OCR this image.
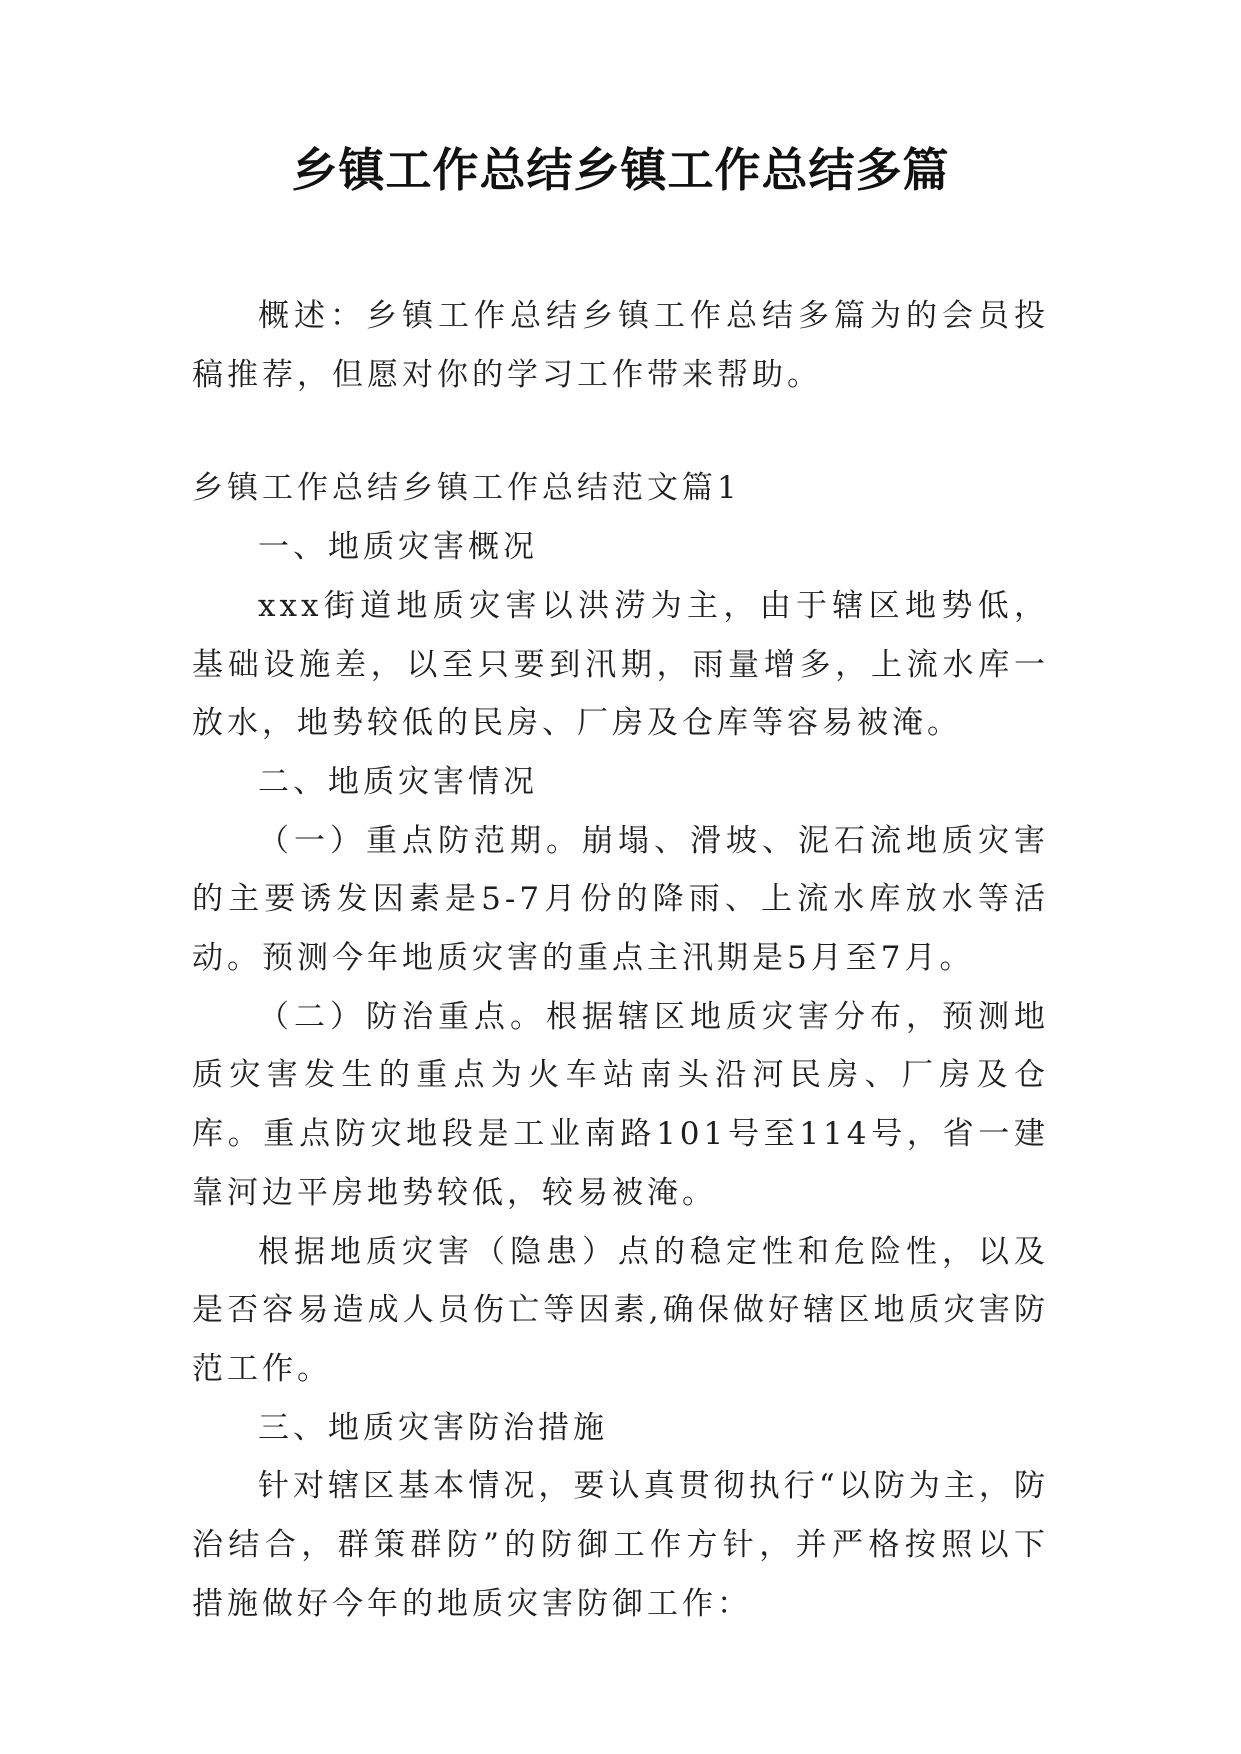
乡镇工作总结乡镇工作总结多篇

概述：乡镇工作总结乡镇工作总结多篇为的会员投稿推荐，但愿对你的学习工作带来帮助。

乡镇工作总结乡镇工作总结范文篇1

一、地质灾害概况

xxx街道地质灾害以洪涝为主，由于辖区地势低，基础设施差，以至只要到汛期，雨量增多，上流水库一放水，地势较低的民房、厂房及仓库等容易被淹。

二、地质灾害情况

（一）重点防范期。崩塌、滑坡、泥石流地质灾害的主要诱发因素是5-7月份的降雨、上流水库放水等活动。预测今年地质灾害的重点主汛期是5月至7月。

（二）防治重点。根据辖区地质灾害分布，预测地质灾害发生的重点为火车站南头沿河民房、厂房及仓库。重点防灾地段是工业南路101号至114号，省一建靠河边平房地势较低，较易被淹。

根据地质灾害（隐患）点的稳定性和危险性，以及是否容易造成人员伤亡等因素,确保做好辖区地质灾害防范工作。

三、地质灾害防治措施

针对辖区基本情况，要认真贯彻执行“以防为主，防治结合，群策群防”的防御工作方针，并严格按照以下措施做好今年的地质灾害防御工作：
